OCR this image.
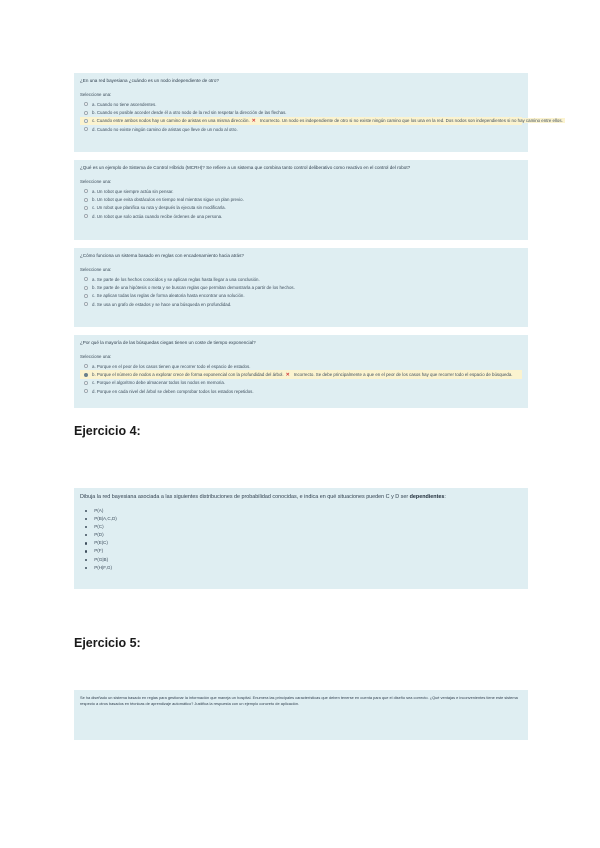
¿En una red bayesiana ¿cuándo es un nodo independiente de otro?
Seleccione una:
a. Cuando no tiene ascendentes.
b. Cuando es posible acceder desde él a otro nodo de la red sin respetar la dirección de las flechas.
c. Cuando entre ambos nodos hay un camino de aristas en una misma dirección. ✕ Incorrecto. Un nodo es independiente de otro si no existe ningún camino que los una en la red. Dos nodos son independientes si no hay camino entre ellos.
d. Cuando no existe ningún camino de aristas que lleve de un nodo al otro.
¿Qué es un ejemplo de Sistema de Control Híbrido (MCRH)? Se refiere a un sistema que combina tanto control deliberativo como reactivo en el control del robot?
Seleccione una:
a. Un robot que siempre actúa sin pensar.
b. Un robot que evita obstáculos en tiempo real mientras sigue un plan previo.
c. Un robot que planifica su ruta y después la ejecuta sin modificarla.
d. Un robot que solo actúa cuando recibe órdenes de una persona.
¿Cómo funciona un sistema basado en reglas con encadenamiento hacia atrás?
Seleccione una:
a. Se parte de los hechos conocidos y se aplican reglas hasta llegar a una conclusión.
b. Se parte de una hipótesis o meta y se buscan reglas que permitan demostrarla a partir de los hechos.
c. Se aplican todas las reglas de forma aleatoria hasta encontrar una solución.
d. Se usa un grafo de estados y se hace una búsqueda en profundidad.
¿Por qué la mayoría de las búsquedas ciegas tienen un coste de tiempo exponencial?
Seleccione una:
a. Porque en el peor de los casos tienen que recorrer todo el espacio de estados.
b. Porque el número de nodos a explorar crece de forma exponencial con la profundidad del árbol. ✕ Incorrecto. Se debe principalmente a que en el peor de los casos hay que recorrer todo el espacio de búsqueda.
c. Porque el algoritmo debe almacenar todos los nodos en memoria.
d. Porque en cada nivel del árbol se deben comprobar todos los estados repetidos.
Ejercicio 4:
Dibuja la red bayesiana asociada a las siguientes distribuciones de probabilidad conocidas, e indica en qué situaciones pueden C y D ser dependientes:
P(A)
P(B|A,C,D)
P(C)
P(D)
P(E|C)
P(F)
P(G|B)
P(H|F,G)
Ejercicio 5:
Se ha diseñado un sistema basado en reglas para gestionar la información que maneja un hospital. Enumera las principales características que deben tenerse en cuenta para que el diseño sea correcto. ¿Qué ventajas e inconvenientes tiene este sistema respecto a otros basados en técnicas de aprendizaje automático? Justifica la respuesta con un ejemplo concreto de aplicación.
